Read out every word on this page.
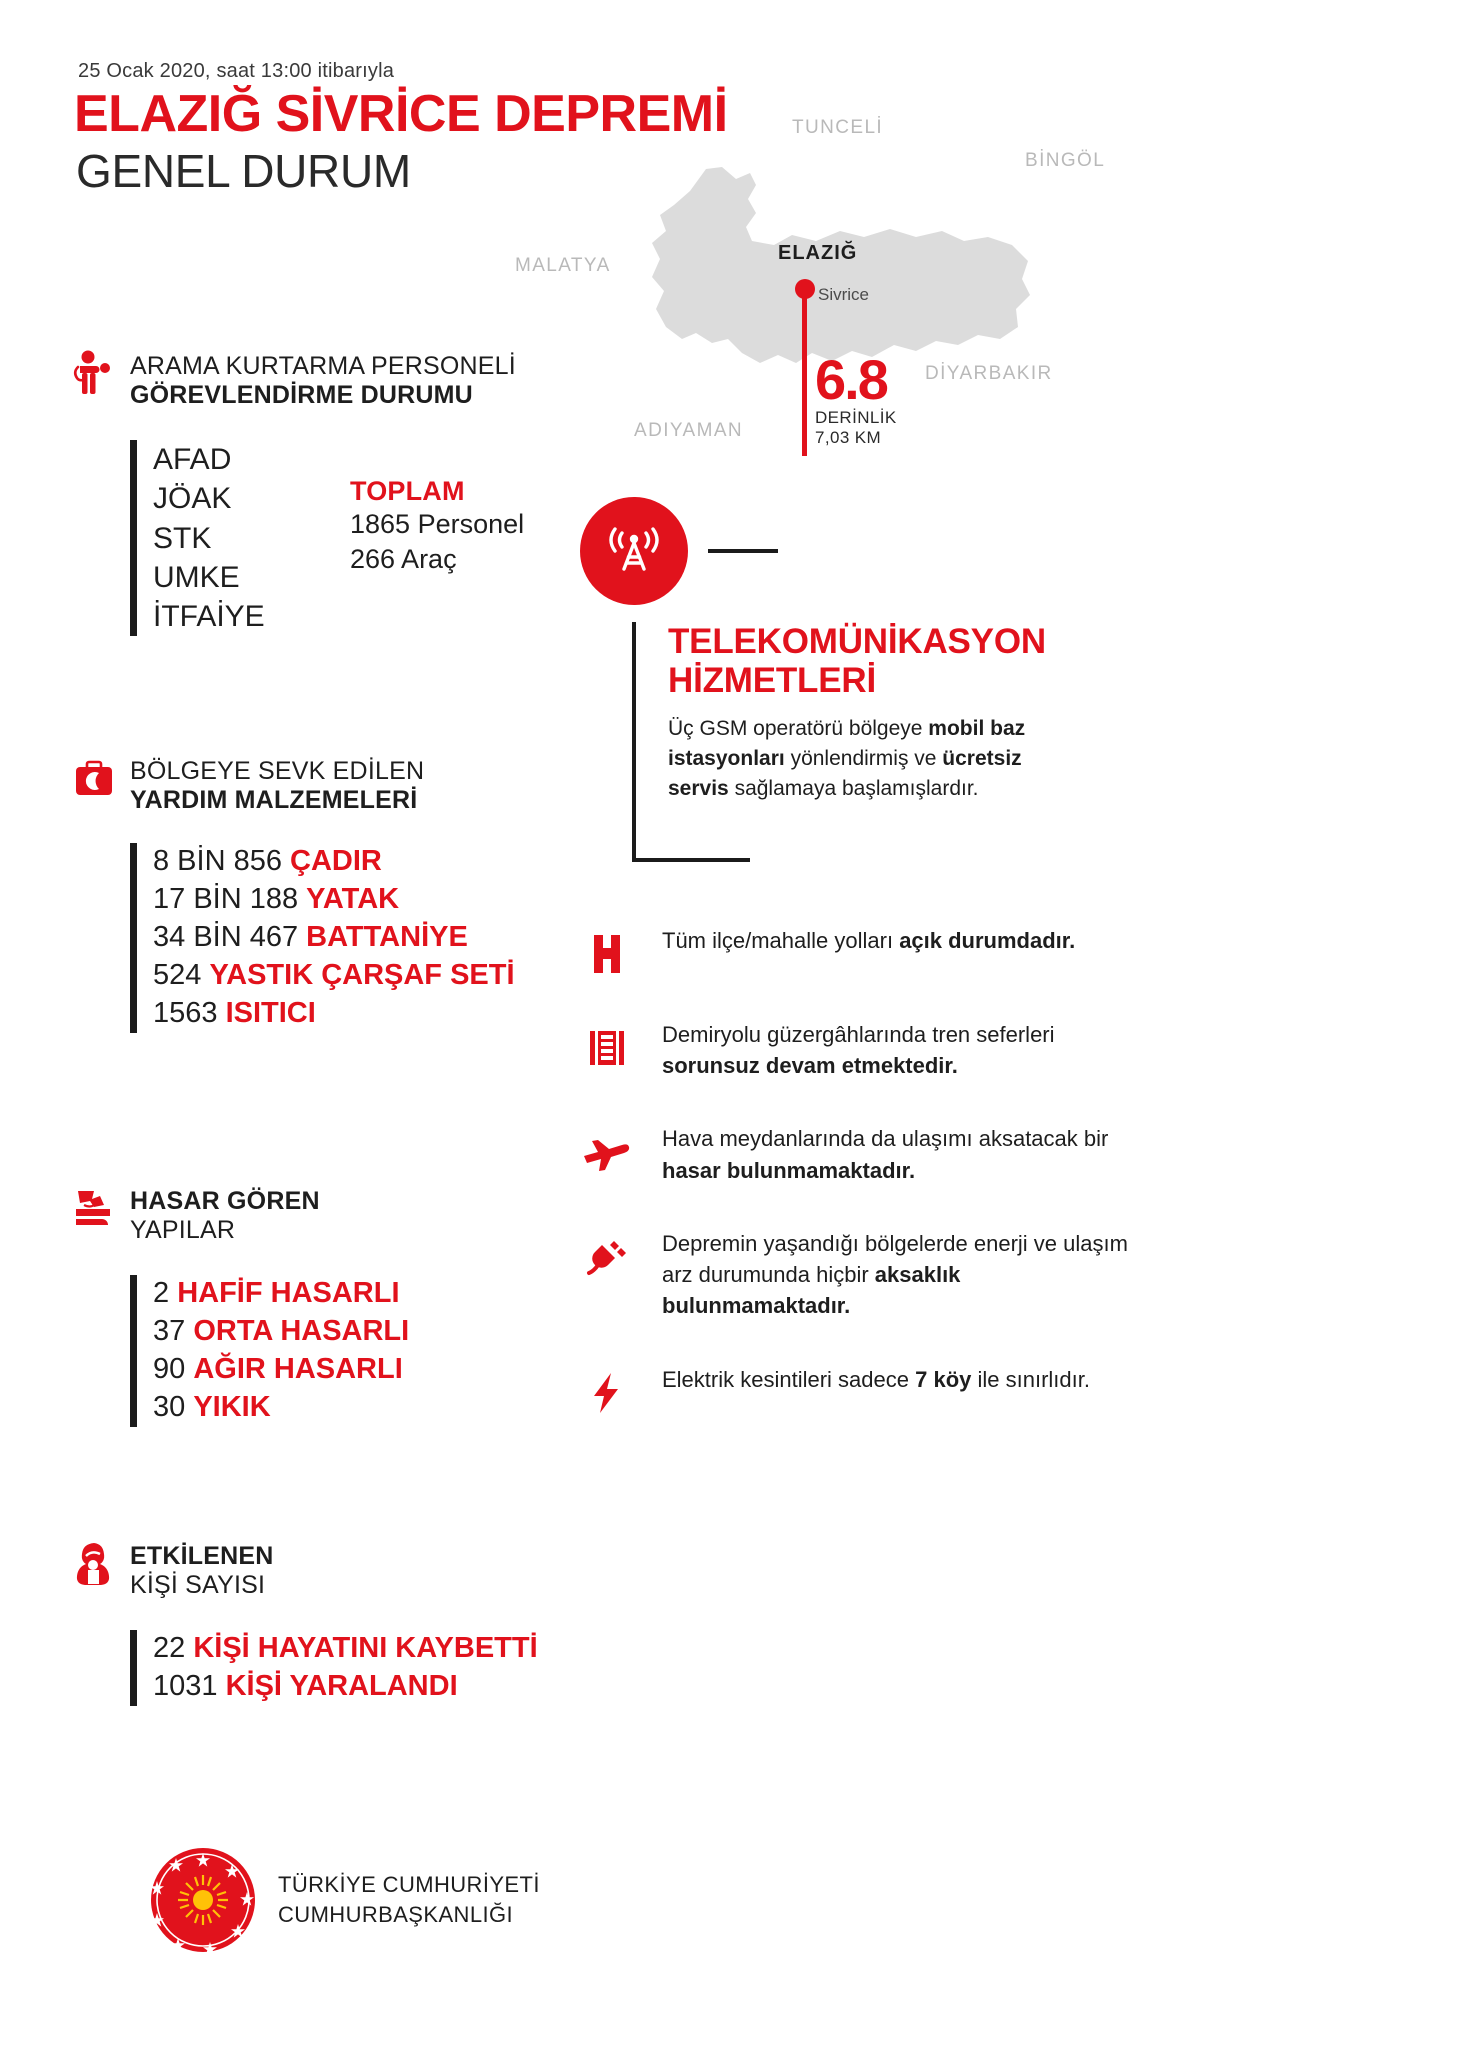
25 Ocak 2020, saat 13:00 itibarıyla
ELAZIĞ SİVRİCE DEPREMİ
GENEL DURUM
TUNCELİ
BİNGÖL
MALATYA
ADIYAMAN
DİYARBAKIR
ELAZIĞ
Sivrice
6.8
DERİNLİK
7,03 KM
ARAMA KURTARMA PERSONELİ
GÖREVLENDİRME DURUMU
AFAD
JÖAK
STK
UMKE
İTFAİYE
TOPLAM
1865 Personel
266 Araç
BÖLGEYE SEVK EDİLEN
YARDIM MALZEMELERİ
8 BİN 856 ÇADIR
17 BİN 188 YATAK
34 BİN 467 BATTANİYE
524 YASTIK ÇARŞAF SETİ
1563 ISITICI
HASAR GÖREN
YAPILAR
2 HAFİF HASARLI
37 ORTA HASARLI
90 AĞIR HASARLI
30 YIKIK
ETKİLENEN
KİŞİ SAYISI
22 KİŞİ HAYATINI KAYBETTİ
1031 KİŞİ YARALANDI
TELEKOMÜNİKASYON HİZMETLERİ
Üç GSM operatörü bölgeye mobil baz istasyonları yönlendirmiş ve ücretsiz servis sağlamaya başlamışlardır.
Tüm ilçe/mahalle yolları açık durumdadır.
Demiryolu güzergâhlarında tren seferleri sorunsuz devam etmektedir.
Hava meydanlarında da ulaşımı aksatacak bir hasar bulunmamaktadır.
Depremin yaşandığı bölgelerde enerji ve ulaşım arz durumunda hiçbir aksaklık bulunmamaktadır.
Elektrik kesintileri sadece 7 köy ile sınırlıdır.
TÜRKİYE CUMHURİYETİ
CUMHURBAŞKANLIĞI
